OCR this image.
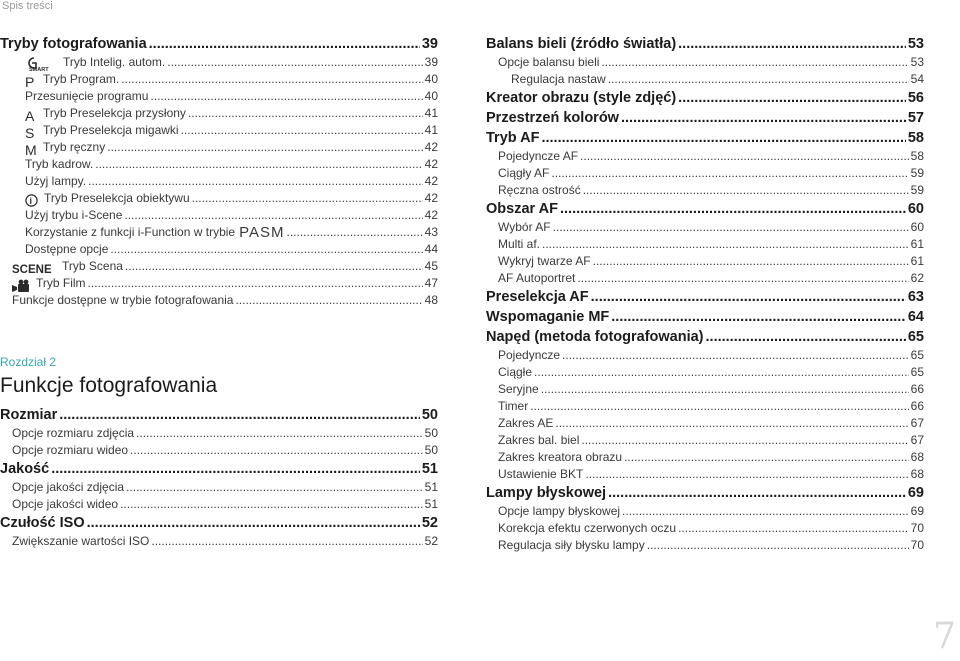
Spis treści
Tryby fotografowania .....	39
SMART
Tryb Intelig. autom. .....	39
P Tryb Program. .....	40
Przesunięcie programu .....	40
A Tryb Preselekcja przysłony .....	41
S Tryb Preselekcja migawki .....	41
M Tryb ręczny .....	42
Tryb kadrow. .....	42
Użyj lampy. .....	42
i Tryb Preselekcja obiektywu .....	42
Użyj trybu i-Scene .....	42
Korzystanie z funkcji i-Function w trybie PASM .....	43
Dostępne opcje .....	44
SCENE Tryb Scena .....	45
Tryb Film .....	47
Funkcje dostępne w trybie fotografowania .....	48
Rozdział 2
Funkcje fotografowania
Rozmiar .....	50
Opcje rozmiaru zdjęcia .....	50
Opcje rozmiaru wideo .....	50
Jakość .....	51
Opcje jakości zdjęcia .....	51
Opcje jakości wideo .....	51
Czułość ISO .....	52
Zwiększanie wartości ISO .....	52
Balans bieli (źródło światła) .....	53
Opcje balansu bieli .....	53
Regulacja nastaw .....	54
Kreator obrazu (style zdjęć) .....	56
Przestrzeń kolorów .....	57
Tryb AF .....	58
Pojedyncze AF .....	58
Ciągły AF .....	59
Ręczna ostrość .....	59
Obszar AF .....	60
Wybór AF .....	60
Multi af. .....	61
Wykryj twarze AF .....	61
AF Autoportret .....	62
Preselekcja AF .....	63
Wspomaganie MF .....	64
Napęd (metoda fotografowania) .....	65
Pojedyncze .....	65
Ciągłe .....	65
Seryjne .....	66
Timer .....	66
Zakres AE .....	67
Zakres bal. biel .....	67
Zakres kreatora obrazu .....	68
Ustawienie BKT .....	68
Lampy błyskowej .....	69
Opcje lampy błyskowej .....	69
Korekcja efektu czerwonych oczu .....	70
Regulacja siły błysku lampy .....	70
7
